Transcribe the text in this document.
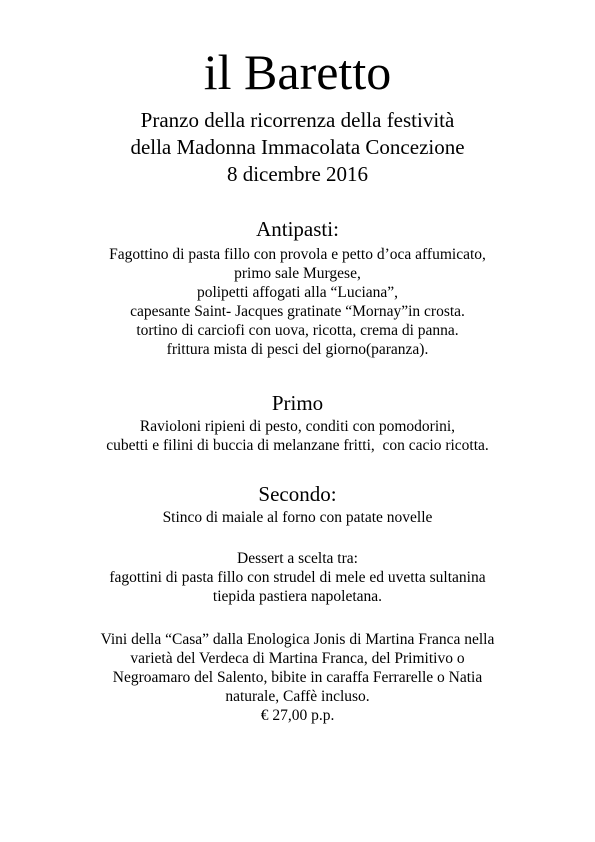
il Baretto
Pranzo della ricorrenza della festività
della Madonna Immacolata Concezione
8 dicembre 2016
Antipasti:
Fagottino di pasta fillo con provola e petto d’oca affumicato,
primo sale Murgese,
polipetti affogati alla “Luciana”,
capesante Saint- Jacques gratinate “Mornay”in crosta.
tortino di carciofi con uova, ricotta, crema di panna.
frittura mista di pesci del giorno(paranza).
Primo
Ravioloni ripieni di pesto, conditi con pomodorini,
cubetti e filini di buccia di melanzane fritti,  con cacio ricotta.
Secondo:
Stinco di maiale al forno con patate novelle
Dessert a scelta tra:
fagottini di pasta fillo con strudel di mele ed uvetta sultanina
tiepida pastiera napoletana.
Vini della “Casa” dalla Enologica Jonis di Martina Franca nella
varietà del Verdeca di Martina Franca, del Primitivo o
Negroamaro del Salento, bibite in caraffa Ferrarelle o Natia
naturale, Caffè incluso.
€ 27,00 p.p.
